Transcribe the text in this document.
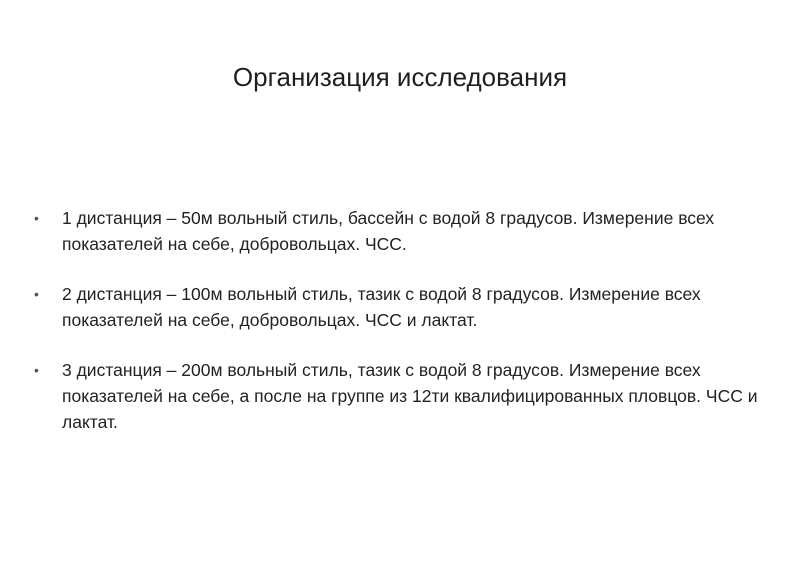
Организация исследования
•	1 дистанция – 50м вольный стиль, бассейн с водой 8 градусов. Измерение всех показателей на себе, добровольцах. ЧСС.
•	2 дистанция – 100м вольный стиль, тазик с водой 8 градусов. Измерение всех показателей на себе, добровольцах. ЧСС и лактат.
•	3 дистанция – 200м вольный стиль, тазик с водой 8 градусов. Измерение всех показателей на себе, а после на группе из 12ти квалифицированных пловцов. ЧСС и лактат.
